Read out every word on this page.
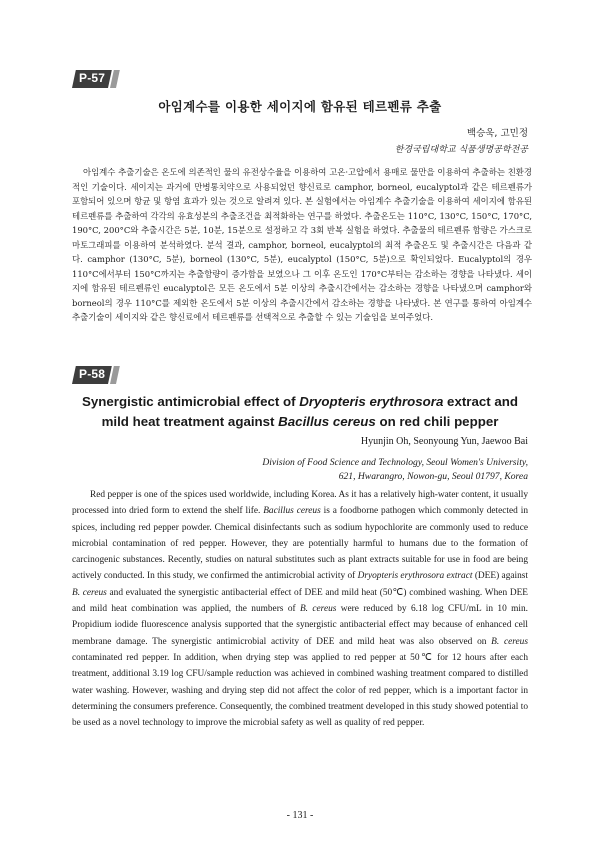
P-57
아임계수를 이용한 세이지에 함유된 테르펜류 추출
백승욱, 고민정
한경국립대학교 식품생명공학전공

아임계수 추출기술은 온도에 의존적인 물의 유전상수율을 이용하여 고온·고압에서 용매로 물만을 이용하여 추출하는 친환경적인 기술이다. 세이지는 과거에 만병통치약으로 사용되었던 향신료로 camphor, borneol, eucalyptol과 같은 테르펜류가 포함되어 있으며 항균 및 항염 효과가 있는 것으로 알려져 있다. 본 실험에서는 아임계수 추출기술을 이용하여 세이지에 함유된 테르펜류를 추출하여 각각의 유효성분의 추출조건을 최적화하는 연구를 하였다. 추출온도는 110°C, 130°C, 150°C, 170°C, 190°C, 200°C와 추출시간은 5분, 10분, 15분으로 설정하고 각 3회 반복 실험을 하였다. 추출물의 테르펜류 함량은 가스크로마토그래피를 이용하여 분석하였다. 분석 결과, camphor, borneol, eucalyptol의 최적 추출온도 및 추출시간은 다음과 같다. camphor (130°C, 5분), borneol (130°C, 5분), eucalyptol (150°C, 5분)으로 확인되었다. Eucalyptol의 경우 110°C에서부터 150°C까지는 추출함량이 증가함을 보였으나 그 이후 온도인 170°C부터는 감소하는 경향을 나타냈다. 세이지에 함유된 테르펜류인 eucalyptol은 모든 온도에서 5분 이상의 추출시간에서는 감소하는 경향을 나타냈으며 camphor와 borneol의 경우 110°C를 제외한 온도에서 5분 이상의 추출시간에서 감소하는 경향을 나타냈다. 본 연구를 통하여 아임계수 추출기술이 세이지와 같은 향신료에서 테르펜류를 선택적으로 추출할 수 있는 기술임을 보여주었다.

P-58
Synergistic antimicrobial effect of Dryopteris erythrosora extract and
mild heat treatment against Bacillus cereus on red chili pepper
Hyunjin Oh, Seonyoung Yun, Jaewoo Bai
Division of Food Science and Technology, Seoul Women's University,
621, Hwarangro, Nowon-gu, Seoul 01797, Korea

Red pepper is one of the spices used worldwide, including Korea. As it has a relatively high-water content, it usually processed into dried form to extend the shelf life. Bacillus cereus is a foodborne pathogen which commonly detected in spices, including red pepper powder. Chemical disinfectants such as sodium hypochlorite are commonly used to reduce microbial contamination of red pepper. However, they are potentially harmful to humans due to the formation of carcinogenic substances. Recently, studies on natural substitutes such as plant extracts suitable for use in food are being actively conducted. In this study, we confirmed the antimicrobial activity of Dryopteris erythrosora extract (DEE) against B. cereus and evaluated the synergistic antibacterial effect of DEE and mild heat (50℃) combined washing. When DEE and mild heat combination was applied, the numbers of B. cereus were reduced by 6.18 log CFU/mL in 10 min. Propidium iodide fluorescence analysis supported that the synergistic antibacterial effect may because of enhanced cell membrane damage. The synergistic antimicrobial activity of DEE and mild heat was also observed on B. cereus contaminated red pepper. In addition, when drying step was applied to red pepper at 50℃ for 12 hours after each treatment, additional 3.19 log CFU/sample reduction was achieved in combined washing treatment compared to distilled water washing. However, washing and drying step did not affect the color of red pepper, which is a important factor in determining the consumers preference. Consequently, the combined treatment developed in this study showed potential to be used as a novel technology to improve the microbial safety as well as quality of red pepper.

- 131 -
